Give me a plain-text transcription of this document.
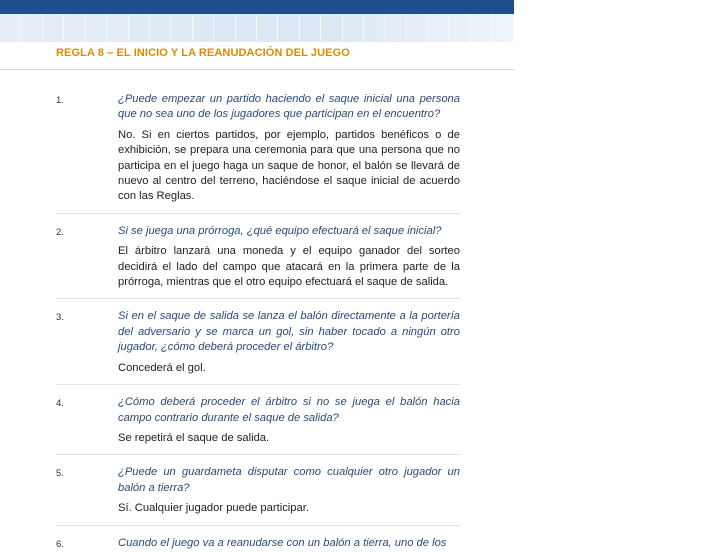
REGLA 8 – EL INICIO Y LA REANUDACIÓN DEL JUEGO
1.	¿Puede empezar un partido haciendo el saque inicial una persona que no sea uno de los jugadores que participan en el encuentro?

No. Si en ciertos partidos, por ejemplo, partidos benéficos o de exhibición, se prepara una ceremonia para que una persona que no participa en el juego haga un saque de honor, el balón se llevará de nuevo al centro del terreno, haciéndose el saque inicial de acuerdo con las Reglas.

2.	Si se juega una prórroga, ¿qué equipo efectuará el saque inicial?

El árbitro lanzará una moneda y el equipo ganador del sorteo decidirá el lado del campo que atacará en la primera parte de la prórroga, mientras que el otro equipo efectuará el saque de salida.

3.	Si en el saque de salida se lanza el balón directamente a la portería del adversario y se marca un gol, sin haber tocado a ningún otro jugador, ¿cómo deberá proceder el árbitro?

Concederá el gol.

4.	¿Cómo deberá proceder el árbitro si no se juega el balón hacia campo contrario durante el saque de salida?

Se repetirá el saque de salida.

5.	¿Puede un guardameta disputar como cualquier otro jugador un balón a tierra?

Sí. Cualquier jugador puede participar.

6.	Cuando el juego va a reanudarse con un balón a tierra, uno de los
